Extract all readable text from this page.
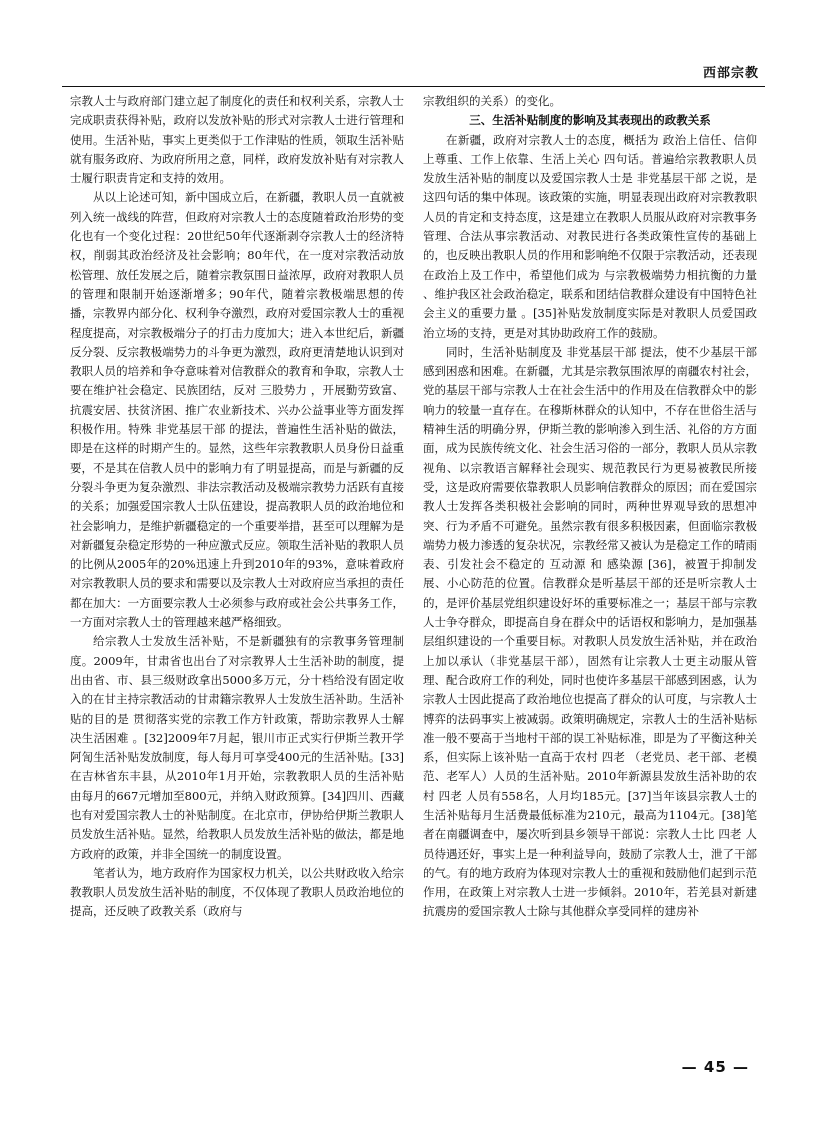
西部宗教

宗教人士与政府部门建立起了制度化的责任和权利关系，宗教人士完成职责获得补贴，政府以发放补贴的形式对宗教人士进行管理和使用。生活补贴，事实上更类似于工作津贴的性质，领取生活补贴就有服务政府、为政府所用之意，同样，政府发放补贴有对宗教人士履行职责肯定和支持的效用。

从以上论述可知，新中国成立后，在新疆，教职人员一直就被列入统一战线的阵营，但政府对宗教人士的态度随着政治形势的变化也有一个变化过程：20世纪50年代逐渐剥夺宗教人士的经济特权，削弱其政治经济及社会影响；80年代，在一度对宗教活动放松管理、放任发展之后，随着宗教氛围日益浓厚，政府对教职人员的管理和限制开始逐渐增多；90年代，随着宗教极端思想的传播，宗教界内部分化、权利争夺激烈，政府对爱国宗教人士的重视程度提高，对宗教极端分子的打击力度加大；进入本世纪后，新疆反分裂、反宗教极端势力的斗争更为激烈，政府更清楚地认识到对教职人员的培养和争夺意味着对信教群众的教育和争取，宗教人士要在维护社会稳定、民族团结，反对 三股势力 ，开展勤劳致富、抗震安居、扶贫济困、推广农业新技术、兴办公益事业等方面发挥积极作用。特殊 非党基层干部 的提法，普遍性生活补贴的做法，即是在这样的时期产生的。显然，这些年宗教教职人员身份日益重要，不是其在信教人员中的影响力有了明显提高，而是与新疆的反分裂斗争更为复杂激烈、非法宗教活动及极端宗教势力活跃有直接的关系；加强爱国宗教人士队伍建设，提高教职人员的政治地位和社会影响力，是维护新疆稳定的一个重要举措，甚至可以理解为是对新疆复杂稳定形势的一种应激式反应。领取生活补贴的教职人员的比例从2005年的20%迅速上升到2010年的93%，意味着政府对宗教教职人员的要求和需要以及宗教人士对政府应当承担的责任都在加大：一方面要宗教人士必须参与政府或社会公共事务工作，一方面对宗教人士的管理越来越严格细致。

给宗教人士发放生活补贴，不是新疆独有的宗教事务管理制度。2009年，甘肃省也出台了对宗教界人士生活补助的制度，提出由省、市、县三级财政拿出5000多万元，分十档给没有固定收入的在甘主持宗教活动的甘肃籍宗教界人士发放生活补助。生活补贴的目的是 贯彻落实党的宗教工作方针政策，帮助宗教界人士解决生活困难 。[32]2009年7月起，银川市正式实行伊斯兰教开学阿訇生活补贴发放制度，每人每月可享受400元的生活补贴。[33]在吉林省东丰县，从2010年1月开始，宗教教职人员的生活补贴由每月的667元增加至800元，并纳入财政预算。[34]四川、西藏也有对爱国宗教人士的补贴制度。在北京市，伊协给伊斯兰教职人员发放生活补贴。显然，给教职人员发放生活补贴的做法，都是地方政府的政策，并非全国统一的制度设置。

笔者认为，地方政府作为国家权力机关，以公共财政收入给宗教教职人员发放生活补贴的制度，不仅体现了教职人员政治地位的提高，还反映了政教关系（政府与

宗教组织的关系）的变化。

三、生活补贴制度的影响及其表现出的政教关系

在新疆，政府对宗教人士的态度，概括为 政治上信任、信仰上尊重、工作上依靠、生活上关心 四句话。普遍给宗教教职人员发放生活补贴的制度以及爱国宗教人士是 非党基层干部 之说，是这四句话的集中体现。该政策的实施，明显表现出政府对宗教教职人员的肯定和支持态度，这是建立在教职人员服从政府对宗教事务管理、合法从事宗教活动、对教民进行各类政策性宣传的基础上的，也反映出教职人员的作用和影响绝不仅限于宗教活动，还表现在政治上及工作中，希望他们成为 与宗教极端势力相抗衡的力量 、维护我区社会政治稳定，联系和团结信教群众建设有中国特色社会主义的重要力量 。[35]补贴发放制度实际是对教职人员爱国政治立场的支持，更是对其协助政府工作的鼓励。

同时，生活补贴制度及 非党基层干部 提法，使不少基层干部感到困惑和困难。在新疆，尤其是宗教氛围浓厚的南疆农村社会，党的基层干部与宗教人士在社会生活中的作用及在信教群众中的影响力的较量一直存在。在穆斯林群众的认知中，不存在世俗生活与精神生活的明确分界，伊斯兰教的影响渗入到生活、礼俗的方方面面，成为民族传统文化、社会生活习俗的一部分，教职人员从宗教视角、以宗教语言解释社会现实、规范教民行为更易被教民所接受，这是政府需要依靠教职人员影响信教群众的原因；而在爱国宗教人士发挥各类积极社会影响的同时，两种世界观导致的思想冲突、行为矛盾不可避免。虽然宗教有很多积极因素，但面临宗教极端势力极力渗透的复杂状况，宗教经常又被认为是稳定工作的晴雨表、引发社会不稳定的 互动源 和 感染源 [36]，被置于抑制发展、小心防范的位置。信教群众是听基层干部的还是听宗教人士的，是评价基层党组织建设好坏的重要标准之一；基层干部与宗教人士争夺群众，即提高自身在群众中的话语权和影响力，是加强基层组织建设的一个重要目标。对教职人员发放生活补贴，并在政治上加以承认（非党基层干部），固然有让宗教人士更主动服从管理、配合政府工作的利处，同时也使许多基层干部感到困惑，认为宗教人士因此提高了政治地位也提高了群众的认可度，与宗教人士博弈的法码事实上被减弱。政策明确规定，宗教人士的生活补贴标准一般不要高于当地村干部的误工补贴标准，即是为了平衡这种关系，但实际上该补贴一直高于农村 四老 （老党员、老干部、老模范、老军人）人员的生活补贴。2010年新源县发放生活补助的农村 四老 人员有558名，人月均185元。[37]当年该县宗教人士的生活补贴每月生活费最低标准为210元，最高为1104元。[38]笔者在南疆调查中，屡次听到县乡领导干部说：宗教人士比 四老 人员待遇还好，事实上是一种利益导向，鼓励了宗教人士，泄了干部的气。有的地方政府为体现对宗教人士的重视和鼓励他们起到示范作用，在政策上对宗教人士进一步倾斜。2010年，若羌县对新建抗震房的爱国宗教人士除与其他群众享受同样的建房补

— 45 —
